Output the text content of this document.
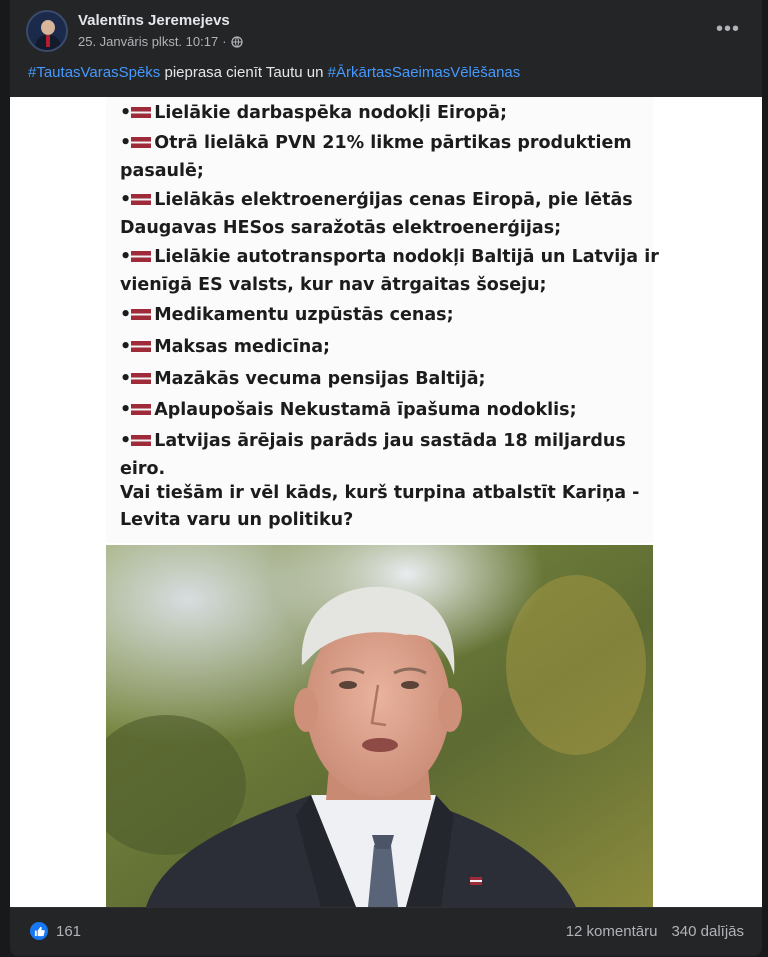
Valentīns Jeremejevs
25. Janvāris plkst. 10:17 ·
•••
#TautasVarasSpēks pieprasa cienīt Tautu un #ĀrkārtasSaeimasVēlēšanas
• Lielākie darbaspēka nodokļi Eiropā;
• Otrā lielākā PVN 21% likme pārtikas produktiem
pasaulē;
• Lielākās elektroenerģijas cenas Eiropā, pie lētās
Daugavas HESos saražotās elektroenerģijas;
• Lielākie autotransporta nodokļi Baltijā un Latvija ir
vienīgā ES valsts, kur nav ātrgaitas šoseju;
• Medikamentu uzpūstās cenas;
• Maksas medicīna;
• Mazākās vecuma pensijas Baltijā;
• Aplaupošais Nekustamā īpašuma nodoklis;
• Latvijas ārējais parāds jau sastāda 18 miljardus
eiro.
Vai tiešām ir vēl kāds, kurš turpina atbalstīt Kariņa -
Levita varu un politiku?
161	12 komentāru 340 dalījās
